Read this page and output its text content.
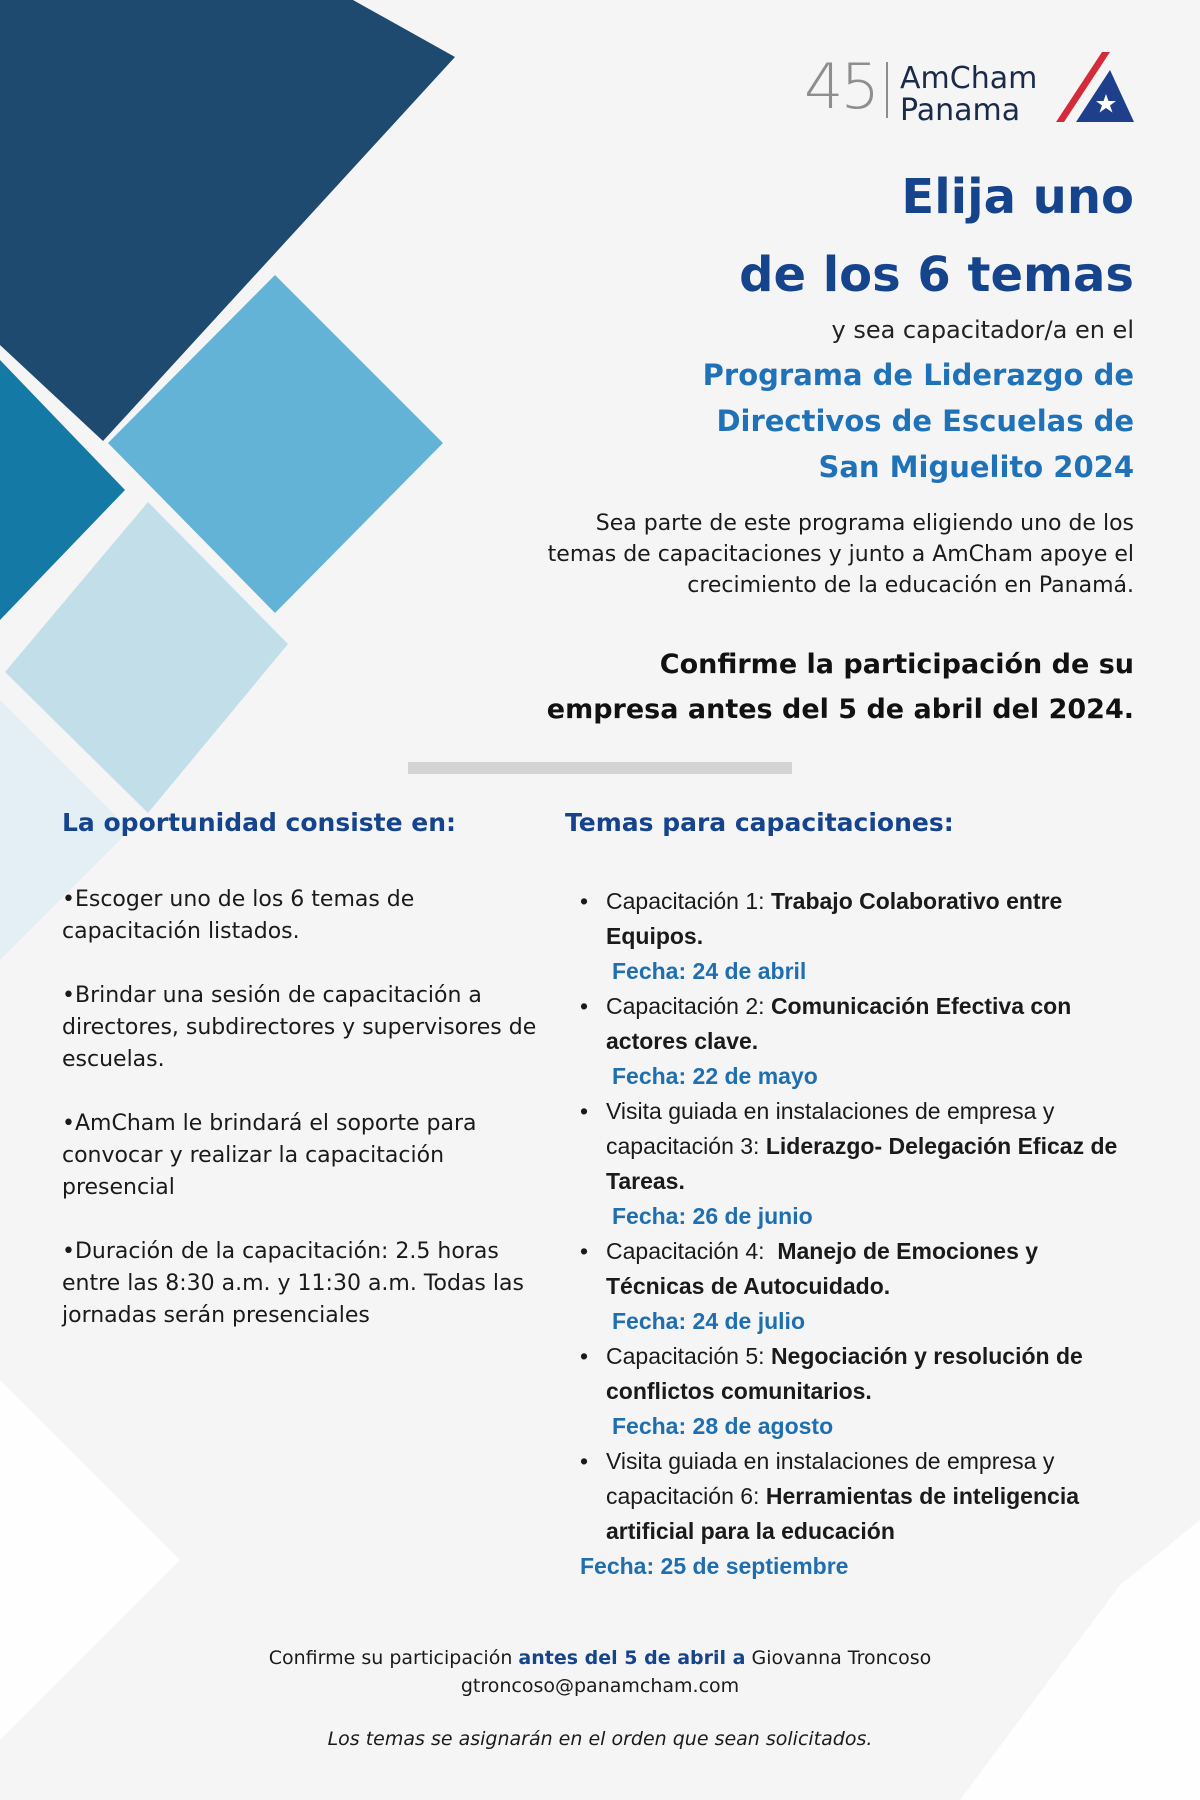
45 AmCham
Panama
Elija uno
de los 6 temas
y sea capacitador/a en el
Programa de Liderazgo de
Directivos de Escuelas de
San Miguelito 2024
Sea parte de este programa eligiendo uno de los
temas de capacitaciones y junto a AmCham apoye el
crecimiento de la educación en Panamá.
Confirme la participación de su
empresa antes del 5 de abril del 2024.
La oportunidad consiste en:	Temas para capacitaciones:

•Escoger uno de los 6 temas de capacitación listados.

•Brindar una sesión de capacitación a directores, subdirectores y supervisores de escuelas.

•AmCham le brindará el soporte para convocar y realizar la capacitación presencial

•Duración de la capacitación: 2.5 horas entre las 8:30 a.m. y 11:30 a.m. Todas las jornadas serán presenciales

• Capacitación 1: Trabajo Colaborativo entre Equipos.
Fecha: 24 de abril
• Capacitación 2: Comunicación Efectiva con actores clave.
Fecha: 22 de mayo
• Visita guiada en instalaciones de empresa y capacitación 3: Liderazgo- Delegación Eficaz de Tareas.
Fecha: 26 de junio
• Capacitación 4:  Manejo de Emociones y Técnicas de Autocuidado.
Fecha: 24 de julio
• Capacitación 5: Negociación y resolución de conflictos comunitarios.
Fecha: 28 de agosto
• Visita guiada en instalaciones de empresa y capacitación 6: Herramientas de inteligencia artificial para la educación
Fecha: 25 de septiembre
Confirme su participación antes del 5 de abril a Giovanna Troncoso
gtroncoso@panamcham.com
Los temas se asignarán en el orden que sean solicitados.
